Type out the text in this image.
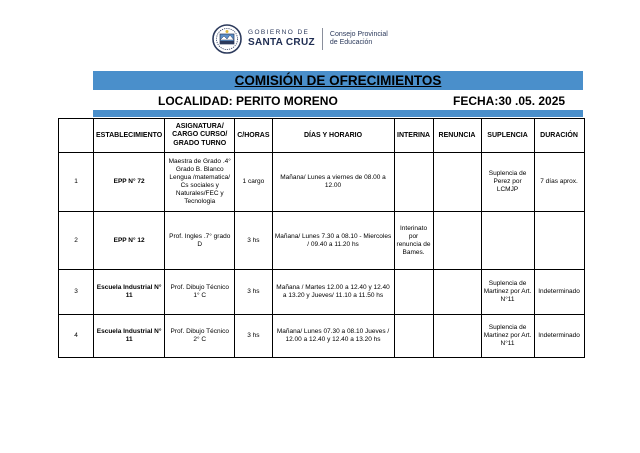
GOBIERNO DE
SANTA CRUZ
Consejo Provincial
de Educación
COMISIÓN DE OFRECIMIENTOS
LOCALIDAD: PERITO MORENO	FECHA:30 .05. 2025
	ESTABLECIMIENTO	ASIGNATURA/ CARGO CURSO/ GRADO TURNO	C/HORAS	DÍAS Y HORARIO	INTERINA	RENUNCIA	SUPLENCIA	DURACIÓN
1	EPP N° 72	Maestra de Grado .4° Grado B. Blanco Lengua /matematica/ Cs sociales y Naturales/FEC y Tecnologia	1 cargo	Mañana/ Lunes a viernes de 08.00 a 12.00			Suplencia de Perez por LCMJP	7 días aprox.
2	EPP N° 12	Prof. Ingles .7° grado D	3 hs	Mañana/ Lunes 7.30 a 08.10 - Miercoles / 09.40 a 11.20 hs	Interinato por renuncia de Bames.			
3	Escuela Industrial N° 11	Prof. Dibujo Técnico 1° C	3 hs	Mañana / Martes 12.00 a 12.40 y 12.40 a 13.20 y Jueves/ 11.10 a 11.50 hs			Suplencia de Martinez por Art. N°11	Indeterminado
4	Escuela Industrial N° 11	Prof. Dibujo Técnico 2° C	3 hs	Mañana/ Lunes 07.30 a 08.10 Jueves / 12.00 a 12.40 y 12.40 a 13.20 hs			Suplencia de Martinez por Art. N°11	Indeterminado
